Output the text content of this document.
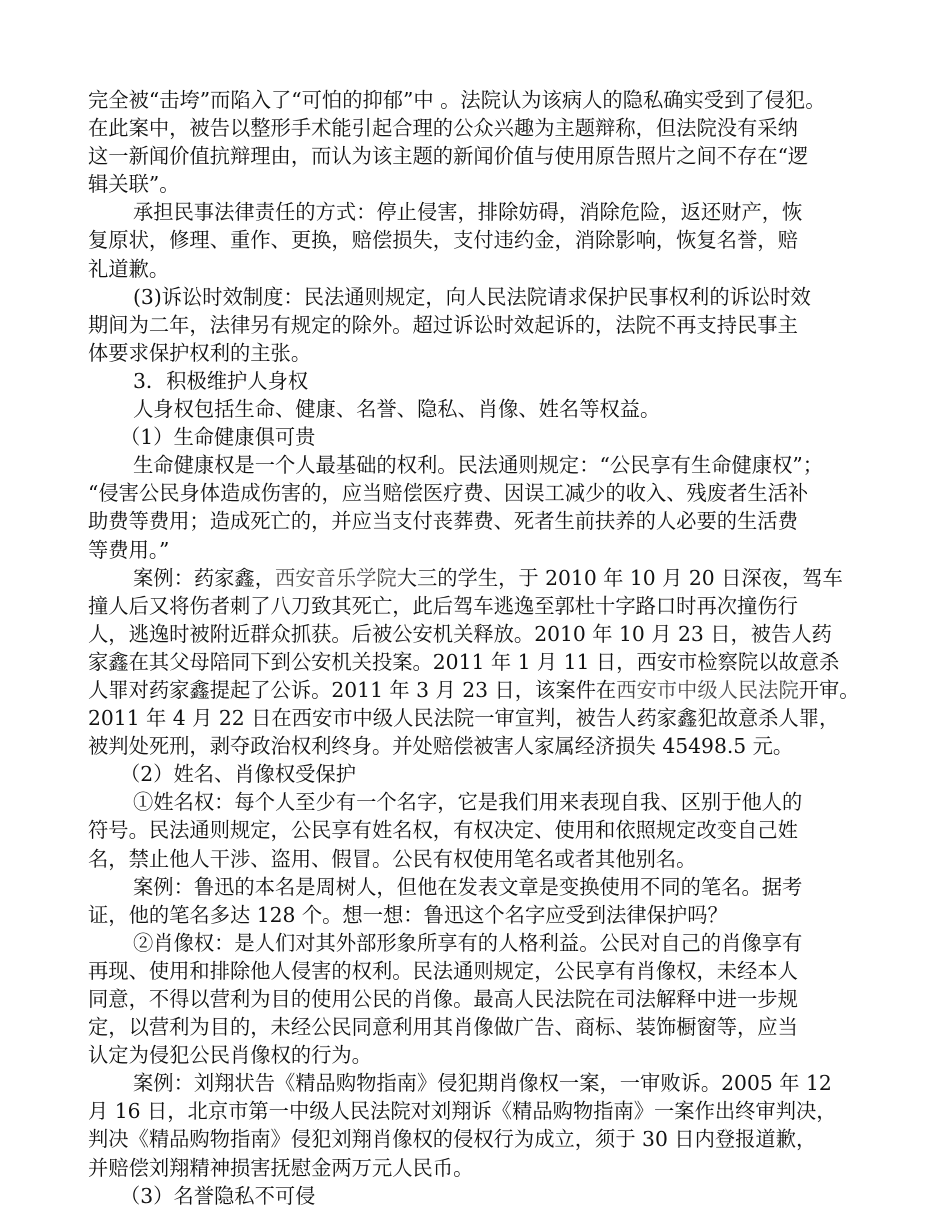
完全被“击垮”而陷入了“可怕的抑郁”中 。法院认为该病人的隐私确实受到了侵犯。
在此案中，被告以整形手术能引起合理的公众兴趣为主题辩称，但法院没有采纳
这一新闻价值抗辩理由，而认为该主题的新闻价值与使用原告照片之间不存在“逻
辑关联”。
承担民事法律责任的方式：停止侵害，排除妨碍，消除危险，返还财产，恢
复原状，修理、重作、更换，赔偿损失，支付违约金，消除影响，恢复名誉，赔
礼道歉。
(3)诉讼时效制度：民法通则规定，向人民法院请求保护民事权利的诉讼时效
期间为二年，法律另有规定的除外。超过诉讼时效起诉的，法院不再支持民事主
体要求保护权利的主张。
3．积极维护人身权
人身权包括生命、健康、名誉、隐私、肖像、姓名等权益。
（1）生命健康俱可贵
生命健康权是一个人最基础的权利。民法通则规定：“公民享有生命健康权”；
“侵害公民身体造成伤害的，应当赔偿医疗费、因误工减少的收入、残废者生活补
助费等费用；造成死亡的，并应当支付丧葬费、死者生前扶养的人必要的生活费
等费用。”
案例：药家鑫，西安音乐学院大三的学生，于 2010 年 10 月 20 日深夜，驾车
撞人后又将伤者刺了八刀致其死亡，此后驾车逃逸至郭杜十字路口时再次撞伤行
人，逃逸时被附近群众抓获。后被公安机关释放。2010 年 10 月 23 日，被告人药
家鑫在其父母陪同下到公安机关投案。2011 年 1 月 11 日，西安市检察院以故意杀
人罪对药家鑫提起了公诉。2011 年 3 月 23 日，该案件在西安市中级人民法院开审。
2011 年 4 月 22 日在西安市中级人民法院一审宣判，被告人药家鑫犯故意杀人罪，
被判处死刑，剥夺政治权利终身。并处赔偿被害人家属经济损失 45498.5 元。
（2）姓名、肖像权受保护
①姓名权：每个人至少有一个名字，它是我们用来表现自我、区别于他人的
符号。民法通则规定，公民享有姓名权，有权决定、使用和依照规定改变自己姓
名，禁止他人干涉、盗用、假冒。公民有权使用笔名或者其他别名。
案例：鲁迅的本名是周树人，但他在发表文章是变换使用不同的笔名。据考
证，他的笔名多达 128 个。想一想：鲁迅这个名字应受到法律保护吗？
②肖像权：是人们对其外部形象所享有的人格利益。公民对自己的肖像享有
再现、使用和排除他人侵害的权利。民法通则规定，公民享有肖像权，未经本人
同意，不得以营利为目的使用公民的肖像。最高人民法院在司法解释中进一步规
定，以营利为目的，未经公民同意利用其肖像做广告、商标、装饰橱窗等，应当
认定为侵犯公民肖像权的行为。
案例：刘翔状告《精品购物指南》侵犯期肖像权一案，一审败诉。2005 年 12
月 16 日，北京市第一中级人民法院对刘翔诉《精品购物指南》一案作出终审判决，
判决《精品购物指南》侵犯刘翔肖像权的侵权行为成立，须于 30 日内登报道歉，
并赔偿刘翔精神损害抚慰金两万元人民币。
（3）名誉隐私不可侵
